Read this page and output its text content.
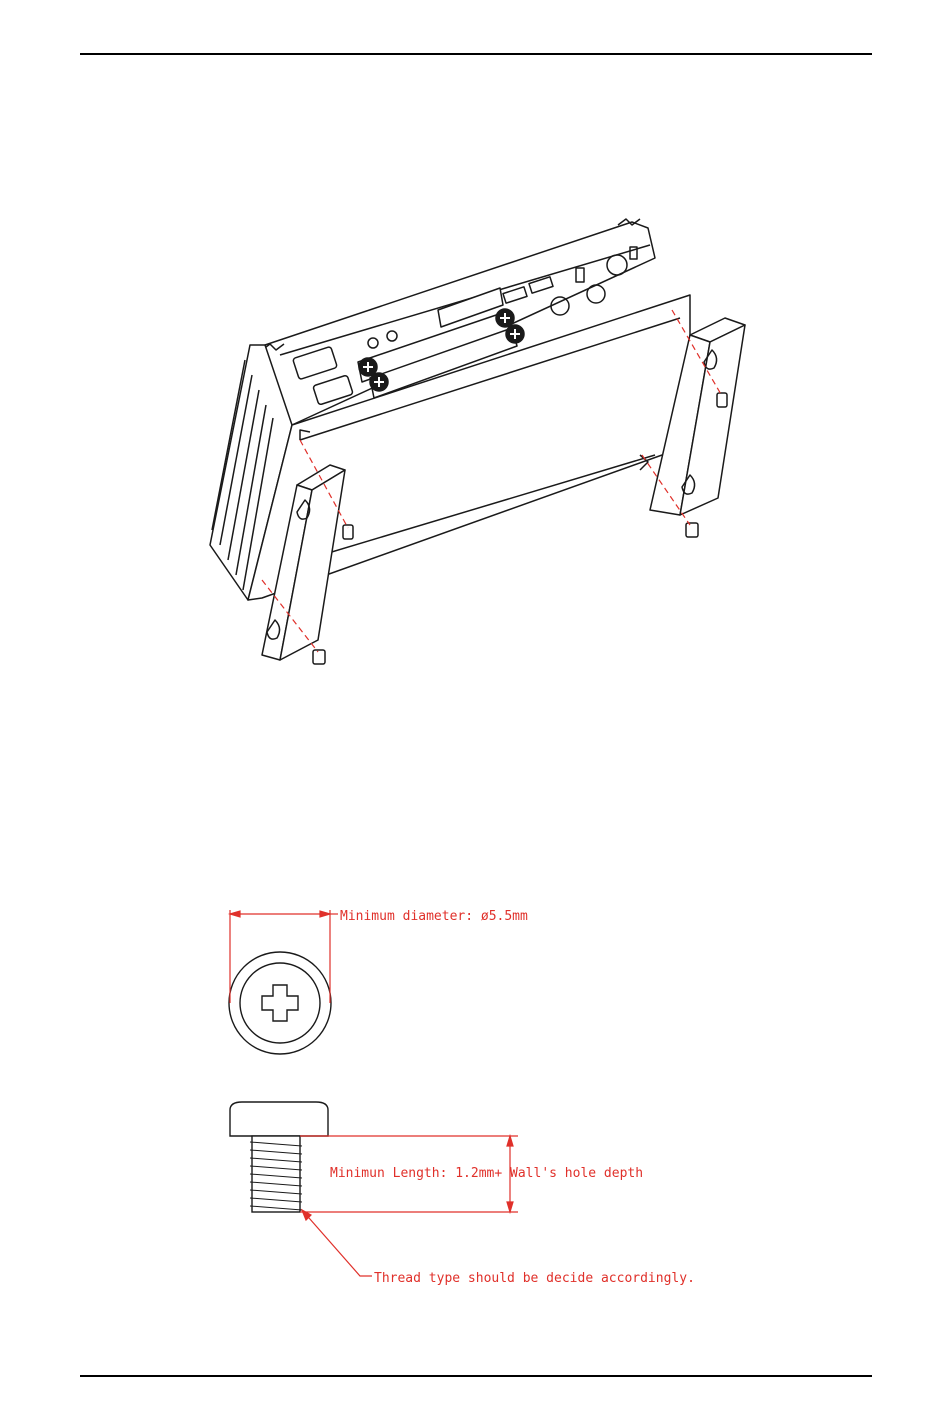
Minimum diameter: ø5.5mm
Minimun Length: 1.2mm+ Wall's hole depth
Thread type should be decide accordingly.
